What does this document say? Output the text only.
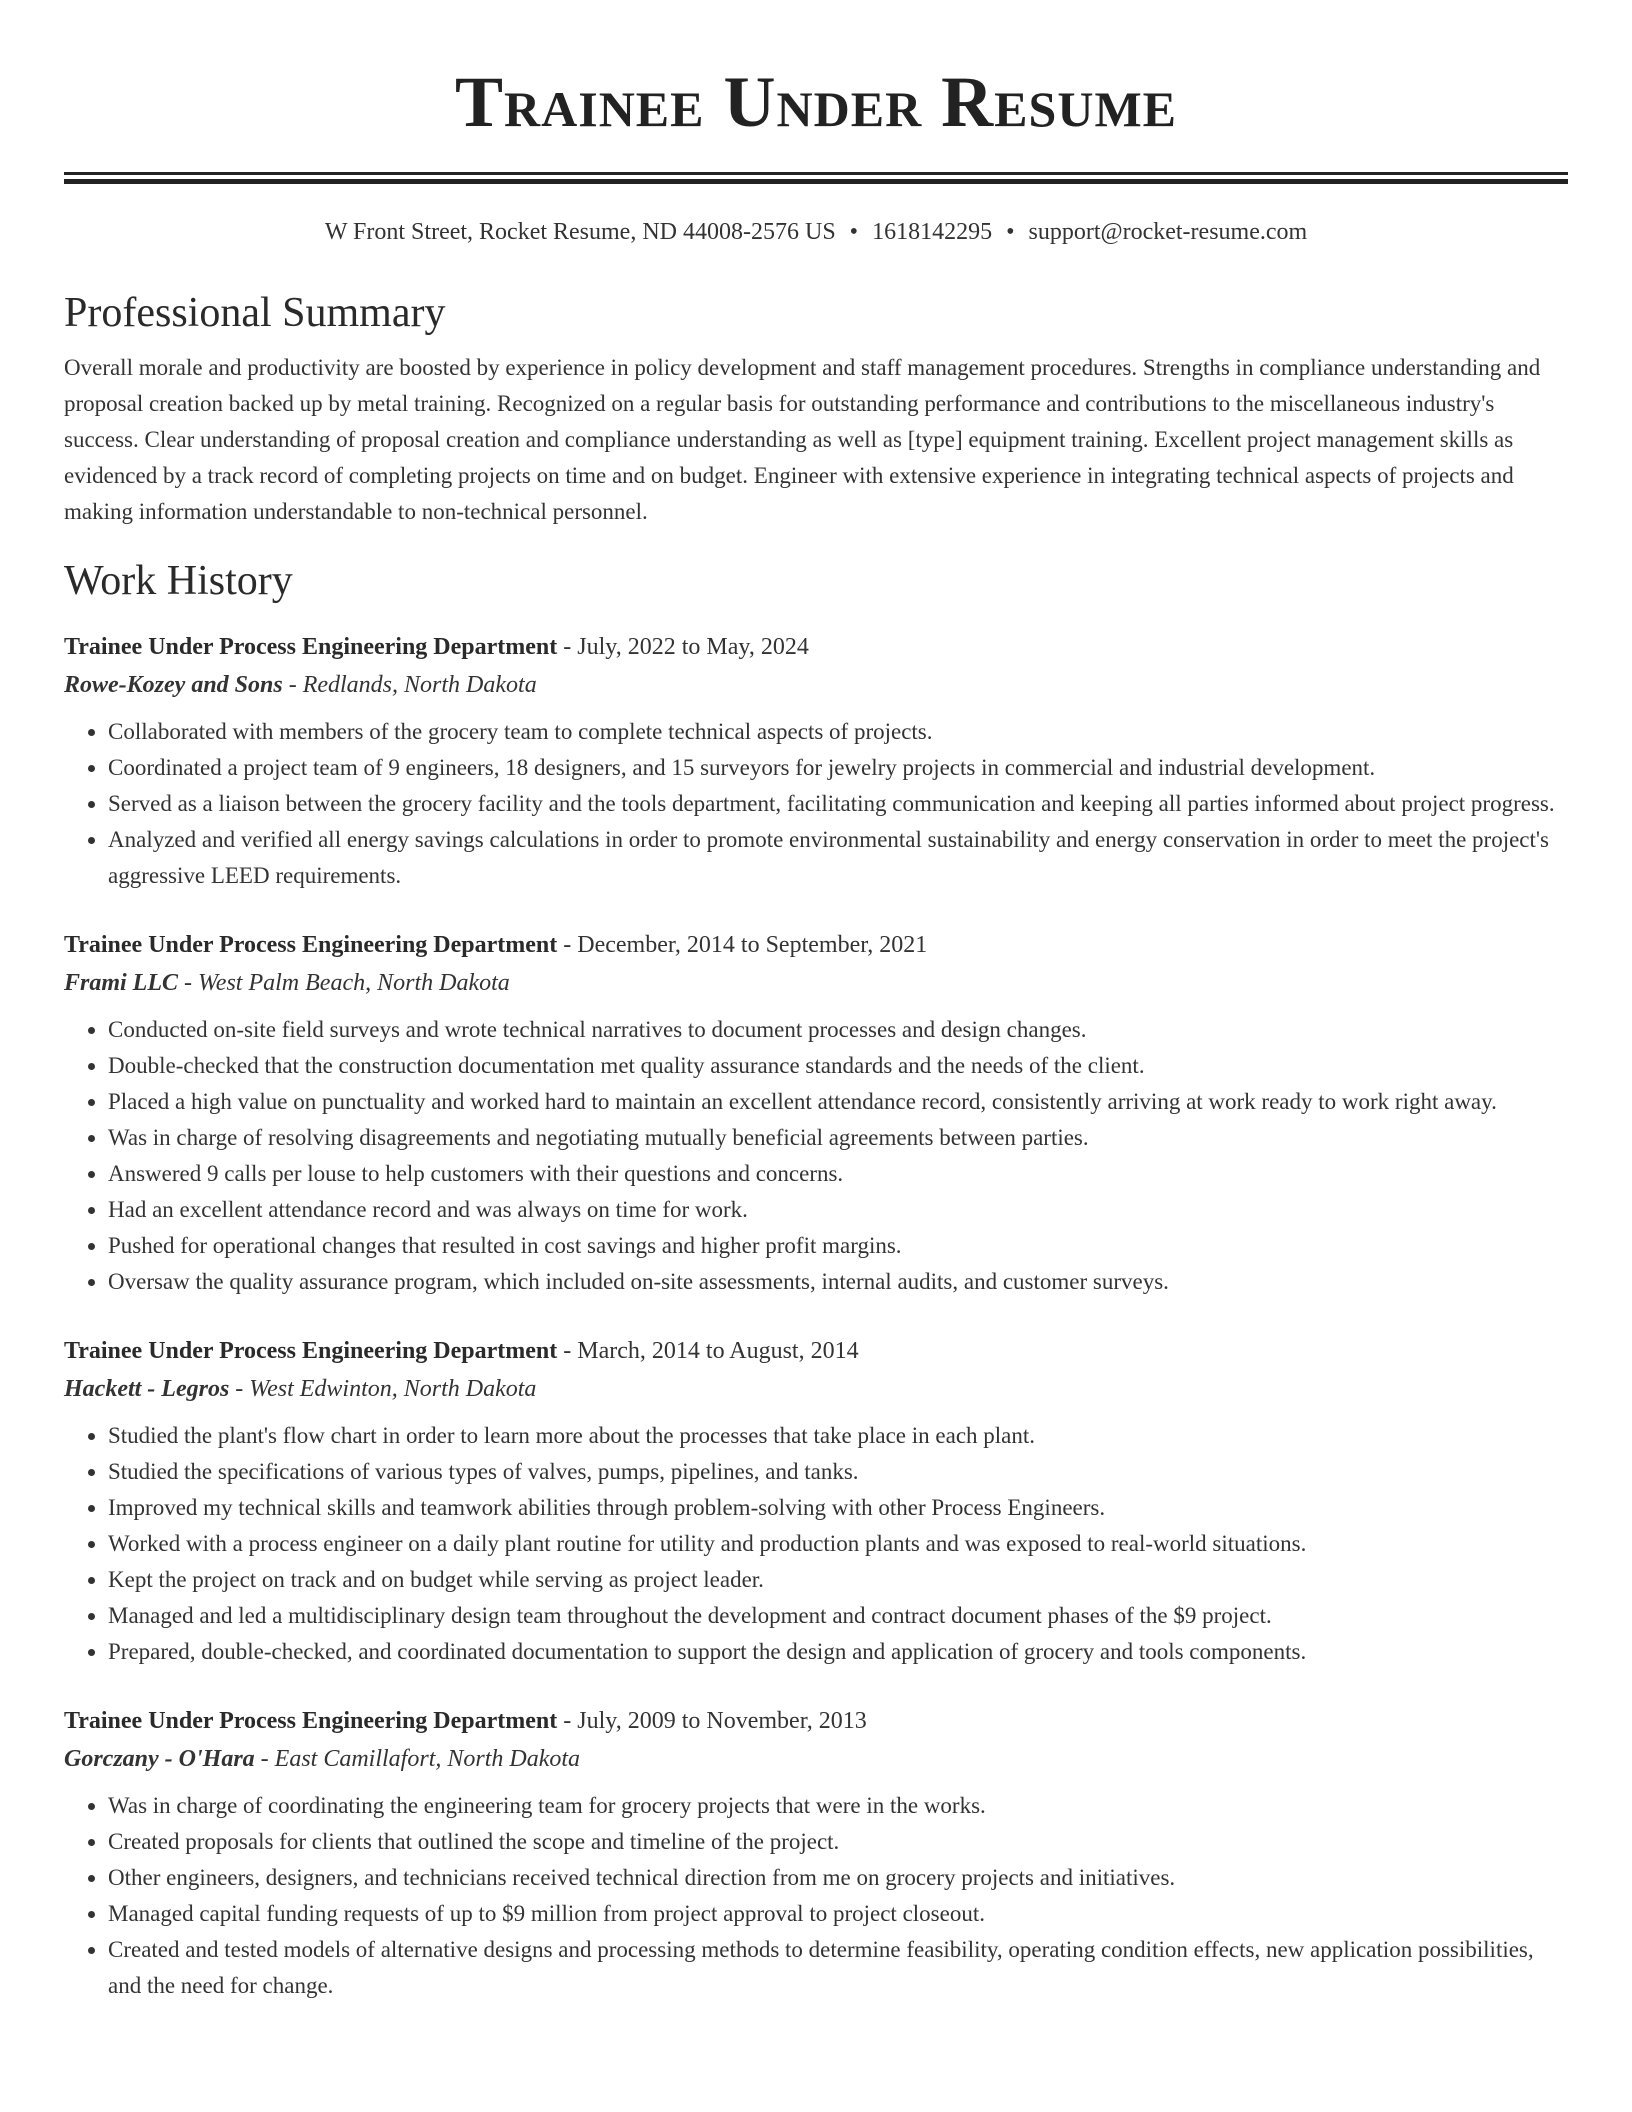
Trainee Under Resume
W Front Street, Rocket Resume, ND 44008-2576 US • 1618142295 • support@rocket-resume.com
Professional Summary
Overall morale and productivity are boosted by experience in policy development and staff management procedures. Strengths in compliance understanding and proposal creation backed up by metal training. Recognized on a regular basis for outstanding performance and contributions to the miscellaneous industry's success. Clear understanding of proposal creation and compliance understanding as well as [type] equipment training. Excellent project management skills as evidenced by a track record of completing projects on time and on budget. Engineer with extensive experience in integrating technical aspects of projects and making information understandable to non-technical personnel.
Work History
Trainee Under Process Engineering Department - July, 2022 to May, 2024
Rowe-Kozey and Sons - Redlands, North Dakota
• Collaborated with members of the grocery team to complete technical aspects of projects.
• Coordinated a project team of 9 engineers, 18 designers, and 15 surveyors for jewelry projects in commercial and industrial development.
• Served as a liaison between the grocery facility and the tools department, facilitating communication and keeping all parties informed about project progress.
• Analyzed and verified all energy savings calculations in order to promote environmental sustainability and energy conservation in order to meet the project's aggressive LEED requirements.
Trainee Under Process Engineering Department - December, 2014 to September, 2021
Frami LLC - West Palm Beach, North Dakota
• Conducted on-site field surveys and wrote technical narratives to document processes and design changes.
• Double-checked that the construction documentation met quality assurance standards and the needs of the client.
• Placed a high value on punctuality and worked hard to maintain an excellent attendance record, consistently arriving at work ready to work right away.
• Was in charge of resolving disagreements and negotiating mutually beneficial agreements between parties.
• Answered 9 calls per louse to help customers with their questions and concerns.
• Had an excellent attendance record and was always on time for work.
• Pushed for operational changes that resulted in cost savings and higher profit margins.
• Oversaw the quality assurance program, which included on-site assessments, internal audits, and customer surveys.
Trainee Under Process Engineering Department - March, 2014 to August, 2014
Hackett - Legros - West Edwinton, North Dakota
• Studied the plant's flow chart in order to learn more about the processes that take place in each plant.
• Studied the specifications of various types of valves, pumps, pipelines, and tanks.
• Improved my technical skills and teamwork abilities through problem-solving with other Process Engineers.
• Worked with a process engineer on a daily plant routine for utility and production plants and was exposed to real-world situations.
• Kept the project on track and on budget while serving as project leader.
• Managed and led a multidisciplinary design team throughout the development and contract document phases of the $9 project.
• Prepared, double-checked, and coordinated documentation to support the design and application of grocery and tools components.
Trainee Under Process Engineering Department - July, 2009 to November, 2013
Gorczany - O'Hara - East Camillafort, North Dakota
• Was in charge of coordinating the engineering team for grocery projects that were in the works.
• Created proposals for clients that outlined the scope and timeline of the project.
• Other engineers, designers, and technicians received technical direction from me on grocery projects and initiatives.
• Managed capital funding requests of up to $9 million from project approval to project closeout.
• Created and tested models of alternative designs and processing methods to determine feasibility, operating condition effects, new application possibilities, and the need for change.
